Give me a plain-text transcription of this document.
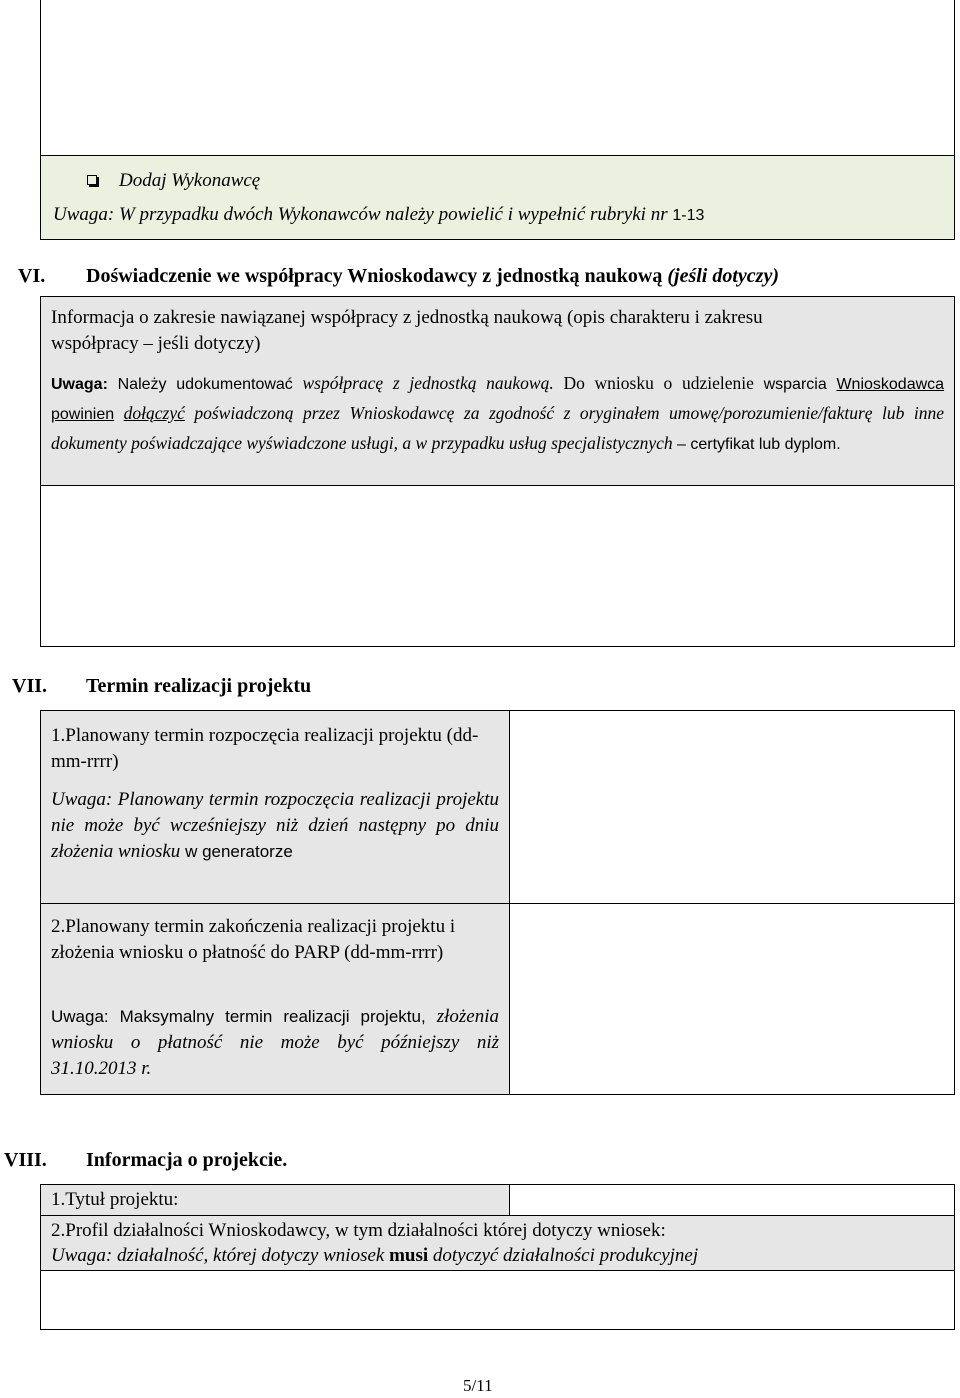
Dodaj Wykonawcę
Uwaga: W przypadku dwóch Wykonawców należy powielić i wypełnić rubryki nr 1-13
VI. Doświadczenie we współpracy Wnioskodawcy z jednostką naukową (jeśli dotyczy)
Informacja o zakresie nawiązanej współpracy z jednostką naukową (opis charakteru i zakresu
współpracy – jeśli dotyczy)
Uwaga: Należy udokumentować współpracę z jednostką naukową. Do wniosku o udzielenie wsparcia Wnioskodawca powinien dołączyć poświadczoną przez Wnioskodawcę za zgodność z oryginałem umowę/porozumienie/fakturę lub inne dokumenty poświadczające wyświadczone usługi, a w przypadku usług specjalistycznych – certyfikat lub dyplom.
VII. Termin realizacji projektu
1.Planowany termin rozpoczęcia realizacji projektu (dd-mm-rrrr)
Uwaga: Planowany termin rozpoczęcia realizacji projektu nie może być wcześniejszy niż dzień następny po dniu złożenia wniosku w generatorze
2.Planowany termin zakończenia realizacji projektu i złożenia wniosku o płatność do PARP (dd-mm-rrrr)
Uwaga: Maksymalny termin realizacji projektu, złożenia wniosku o płatność nie może być późniejszy niż 31.10.2013 r.
VIII. Informacja o projekcie.
1.Tytuł projektu:
2.Profil działalności Wnioskodawcy, w tym działalności której dotyczy wniosek:
Uwaga: działalność, której dotyczy wniosek musi dotyczyć działalności produkcyjnej
5/11
